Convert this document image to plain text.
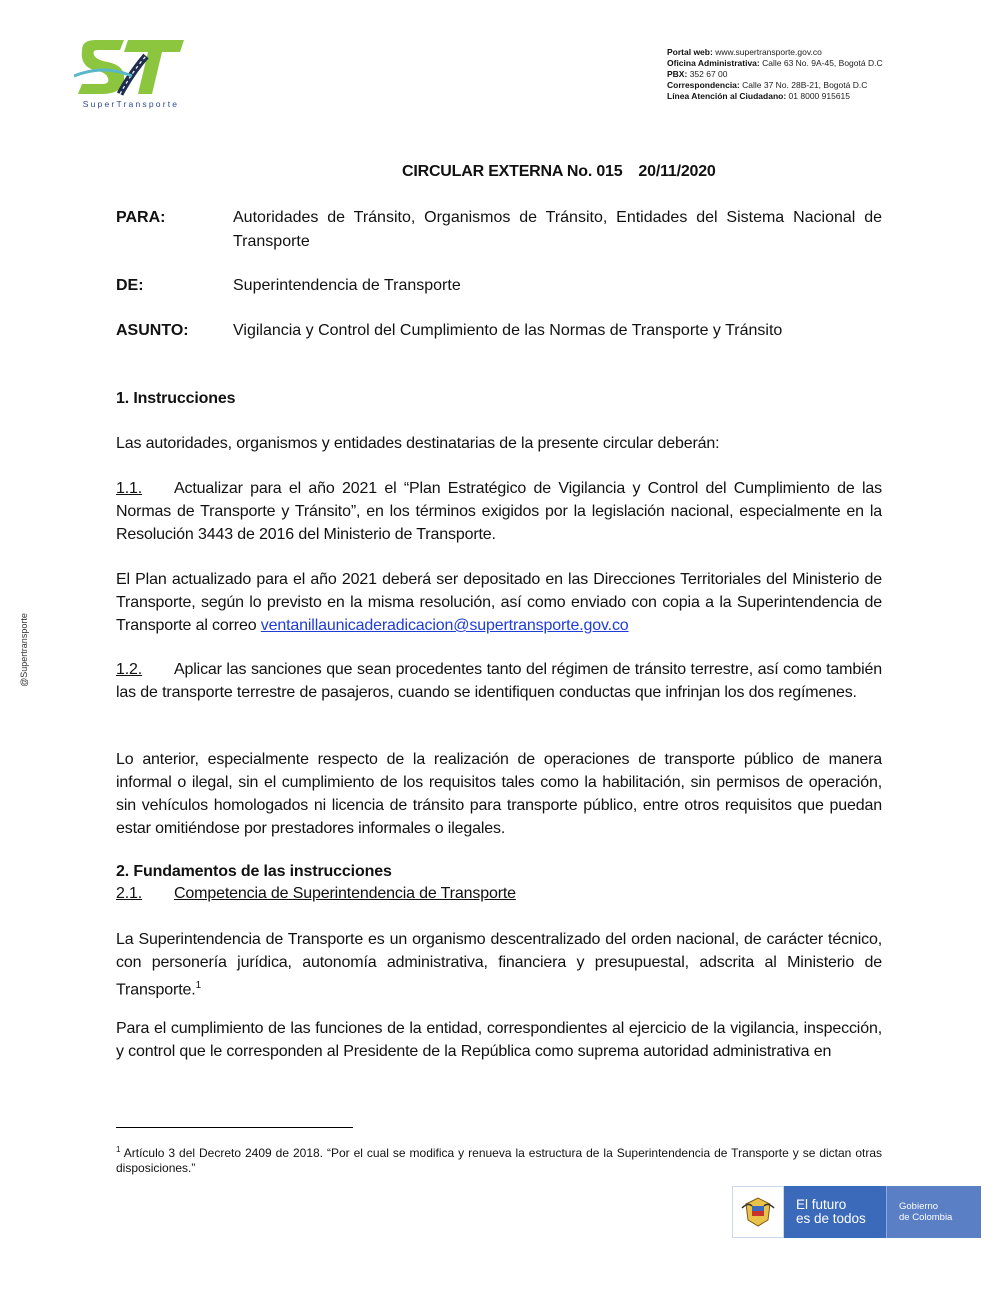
SuperTransporte
Portal web: www.supertransporte.gov.co
Oficina Administrativa: Calle 63 No. 9A-45, Bogotá D.C
PBX: 352 67 00
Correspondencia: Calle 37 No. 28B-21, Bogotá D.C
Línea Atención al Ciudadano: 01 8000 915615
@Supertransporte
CIRCULAR EXTERNA No. 015 20/11/2020
PARA:	Autoridades de Tránsito, Organismos de Tránsito, Entidades del Sistema Nacional de Transporte
DE:	Superintendencia de Transporte
ASUNTO:	Vigilancia y Control del Cumplimiento de las Normas de Transporte y Tránsito
1. Instrucciones
Las autoridades, organismos y entidades destinatarias de la presente circular deberán:
1.1. Actualizar para el año 2021 el “Plan Estratégico de Vigilancia y Control del Cumplimiento de las Normas de Transporte y Tránsito”, en los términos exigidos por la legislación nacional, especialmente en la Resolución 3443 de 2016 del Ministerio de Transporte.
El Plan actualizado para el año 2021 deberá ser depositado en las Direcciones Territoriales del Ministerio de Transporte, según lo previsto en la misma resolución, así como enviado con copia a la Superintendencia de Transporte al correo ventanillaunicaderadicacion@supertransporte.gov.co
1.2. Aplicar las sanciones que sean procedentes tanto del régimen de tránsito terrestre, así como también las de transporte terrestre de pasajeros, cuando se identifiquen conductas que infrinjan los dos regímenes.
Lo anterior, especialmente respecto de la realización de operaciones de transporte público de manera informal o ilegal, sin el cumplimiento de los requisitos tales como la habilitación, sin permisos de operación, sin vehículos homologados ni licencia de tránsito para transporte público, entre otros requisitos que puedan estar omitiéndose por prestadores informales o ilegales.
2. Fundamentos de las instrucciones
2.1. Competencia de Superintendencia de Transporte
La Superintendencia de Transporte es un organismo descentralizado del orden nacional, de carácter técnico, con personería jurídica, autonomía administrativa, financiera y presupuestal, adscrita al Ministerio de Transporte.$^1$
Para el cumplimiento de las funciones de la entidad, correspondientes al ejercicio de la vigilancia, inspección, y control que le corresponden al Presidente de la República como suprema autoridad administrativa en
$^1$ Artículo 3 del Decreto 2409 de 2018. “Por el cual se modifica y renueva la estructura de la Superintendencia de Transporte y se dictan otras disposiciones.”
El futuro
es de todos
Gobierno
de Colombia
